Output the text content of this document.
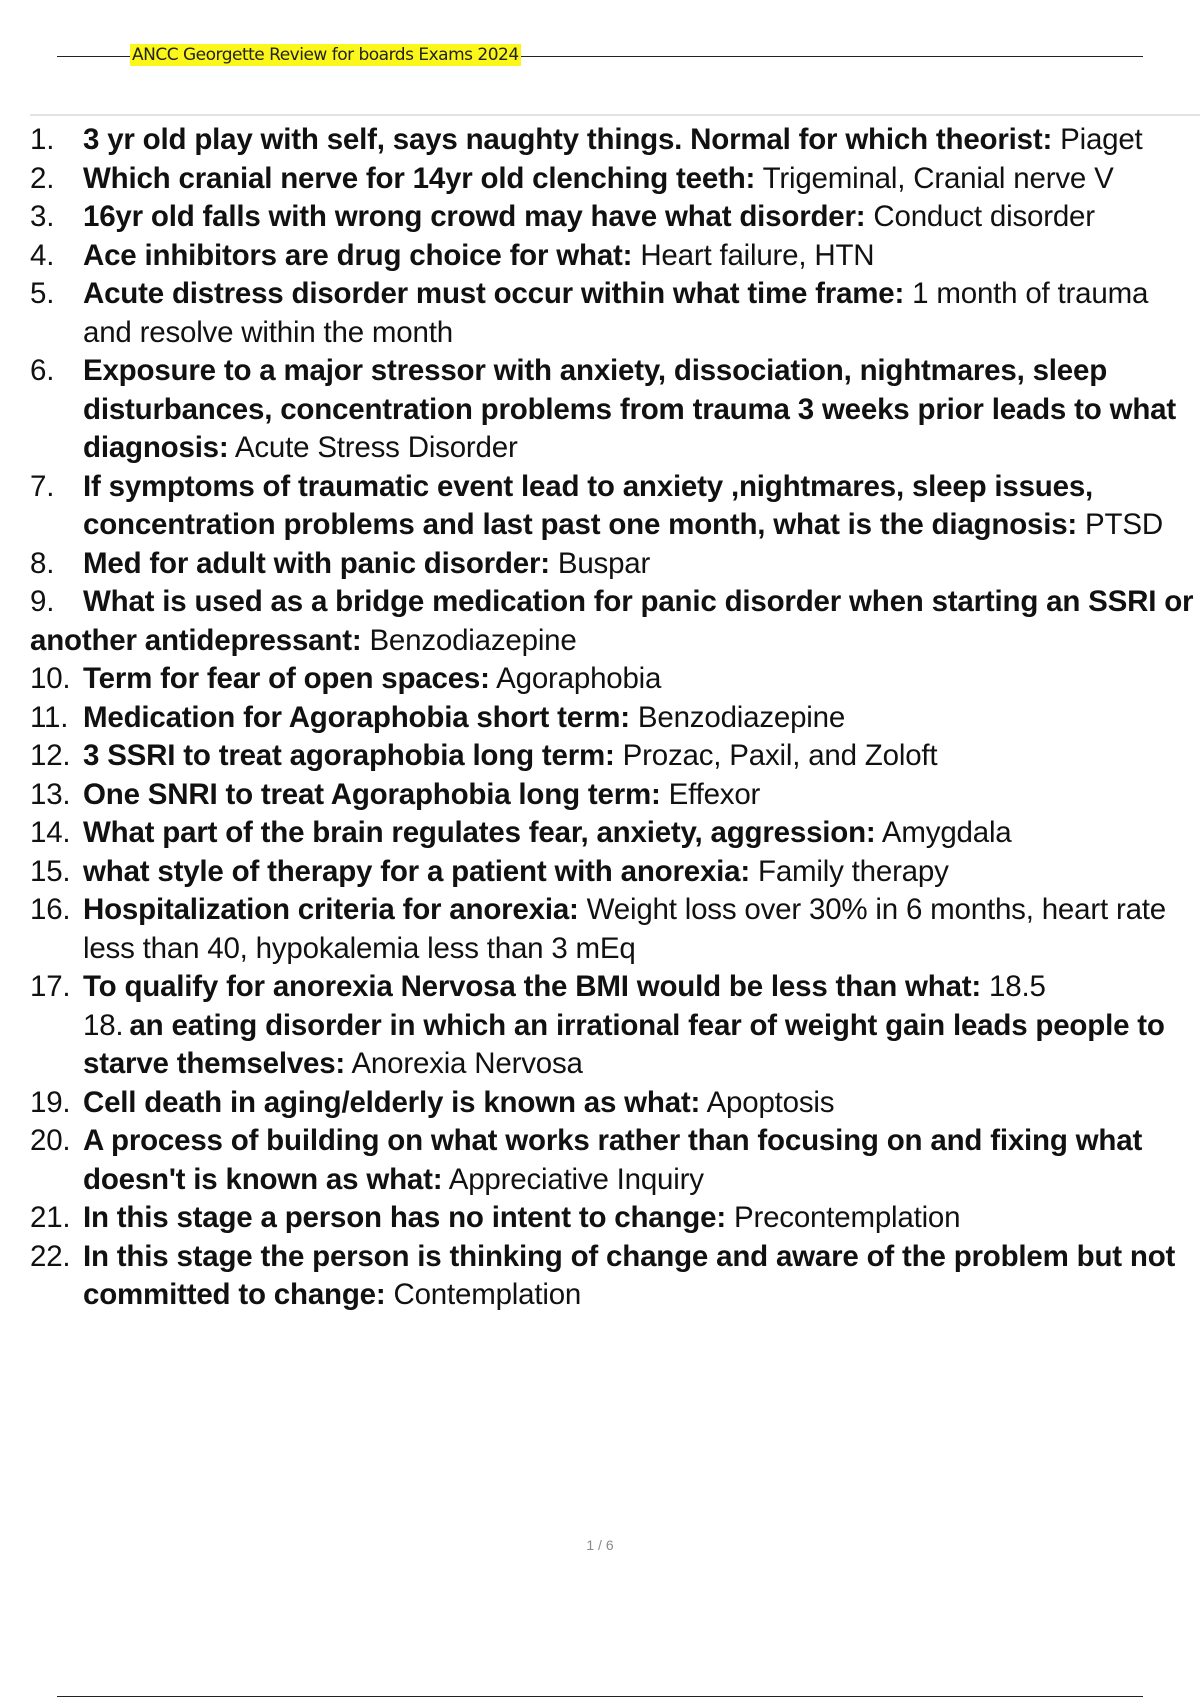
ANCC Georgette Review for boards Exams 2024
1. 3 yr old play with self, says naughty things. Normal for which theorist: Piaget
2. Which cranial nerve for 14yr old clenching teeth: Trigeminal, Cranial nerve V
3. 16yr old falls with wrong crowd may have what disorder: Conduct disorder
4. Ace inhibitors are drug choice for what: Heart failure, HTN
5. Acute distress disorder must occur within what time frame: 1 month of trauma and resolve within the month
6. Exposure to a major stressor with anxiety, dissociation, nightmares, sleep disturbances, concentration problems from trauma 3 weeks prior leads to what diagnosis: Acute Stress Disorder
7. If symptoms of traumatic event lead to anxiety ,nightmares, sleep issues, concentration problems and last past one month, what is the diagnosis: PTSD
8. Med for adult with panic disorder: Buspar
9. What is used as a bridge medication for panic disorder when starting an SSRI or another antidepressant: Benzodiazepine
10. Term for fear of open spaces: Agoraphobia
11. Medication for Agoraphobia short term: Benzodiazepine
12. 3 SSRI to treat agoraphobia long term: Prozac, Paxil, and Zoloft
13. One SNRI to treat Agoraphobia long term: Effexor
14. What part of the brain regulates fear, anxiety, aggression: Amygdala
15. what style of therapy for a patient with anorexia: Family therapy
16. Hospitalization criteria for anorexia: Weight loss over 30% in 6 months, heart rate less than 40, hypokalemia less than 3 mEq
17. To qualify for anorexia Nervosa the BMI would be less than what: 18.5
18. an eating disorder in which an irrational fear of weight gain leads people to starve themselves: Anorexia Nervosa
19. Cell death in aging/elderly is known as what: Apoptosis
20. A process of building on what works rather than focusing on and fixing what doesn't is known as what: Appreciative Inquiry
21. In this stage a person has no intent to change: Precontemplation
22. In this stage the person is thinking of change and aware of the problem but not committed to change: Contemplation
1 / 6
